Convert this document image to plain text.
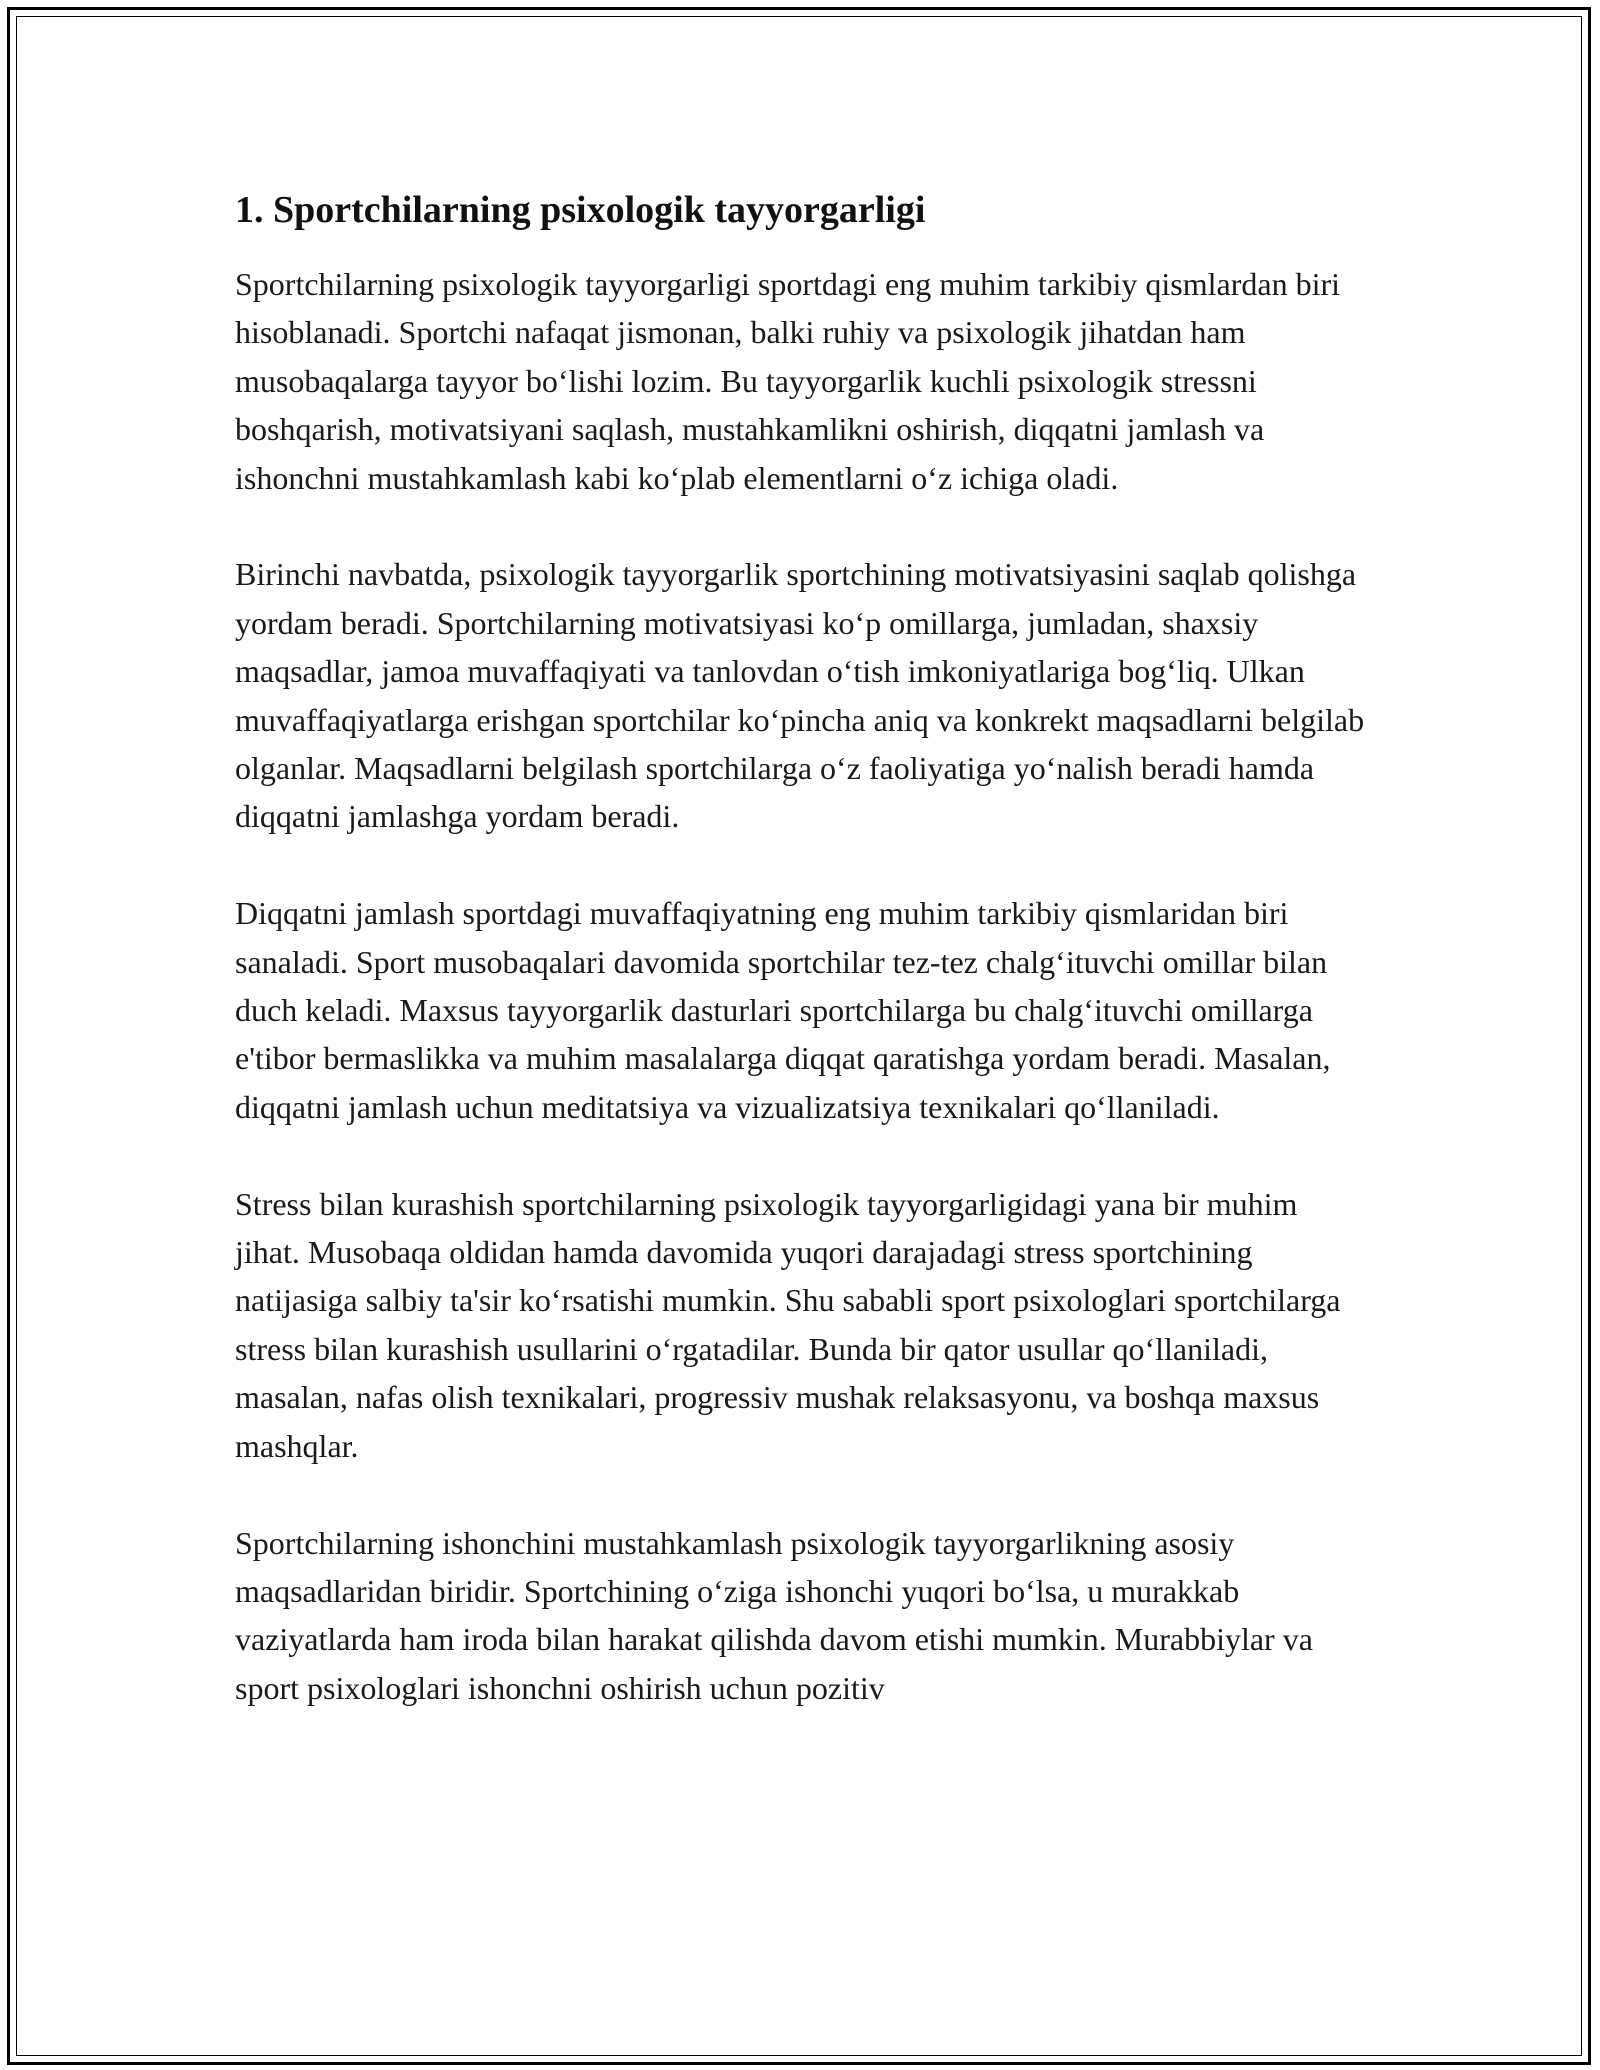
1. Sportchilarning psixologik tayyorgarligi

Sportchilarning psixologik tayyorgarligi sportdagi eng muhim tarkibiy qismlardan biri hisoblanadi. Sportchi nafaqat jismonan, balki ruhiy va psixologik jihatdan ham musobaqalarga tayyor bo‘lishi lozim. Bu tayyorgarlik kuchli psixologik stressni boshqarish, motivatsiyani saqlash, mustahkamlikni oshirish, diqqatni jamlash va ishonchni mustahkamlash kabi ko‘plab elementlarni o‘z ichiga oladi.

Birinchi navbatda, psixologik tayyorgarlik sportchining motivatsiyasini saqlab qolishga yordam beradi. Sportchilarning motivatsiyasi ko‘p omillarga, jumladan, shaxsiy maqsadlar, jamoa muvaffaqiyati va tanlovdan o‘tish imkoniyatlariga bog‘liq. Ulkan muvaffaqiyatlarga erishgan sportchilar ko‘pincha aniq va konkrekt maqsadlarni belgilab olganlar. Maqsadlarni belgilash sportchilarga o‘z faoliyatiga yo‘nalish beradi hamda diqqatni jamlashga yordam beradi.

Diqqatni jamlash sportdagi muvaffaqiyatning eng muhim tarkibiy qismlaridan biri sanaladi. Sport musobaqalari davomida sportchilar tez-tez chalg‘ituvchi omillar bilan duch keladi. Maxsus tayyorgarlik dasturlari sportchilarga bu chalg‘ituvchi omillarga e'tibor bermaslikka va muhim masalalarga diqqat qaratishga yordam beradi. Masalan, diqqatni jamlash uchun meditatsiya va vizualizatsiya texnikalari qo‘llaniladi.

Stress bilan kurashish sportchilarning psixologik tayyorgarligidagi yana bir muhim jihat. Musobaqa oldidan hamda davomida yuqori darajadagi stress sportchining natijasiga salbiy ta'sir ko‘rsatishi mumkin. Shu sababli sport psixologlari sportchilarga stress bilan kurashish usullarini o‘rgatadilar. Bunda bir qator usullar qo‘llaniladi, masalan, nafas olish texnikalari, progressiv mushak relaksasyonu, va boshqa maxsus mashqlar.

Sportchilarning ishonchini mustahkamlash psixologik tayyorgarlikning asosiy maqsadlaridan biridir. Sportchining o‘ziga ishonchi yuqori bo‘lsa, u murakkab vaziyatlarda ham iroda bilan harakat qilishda davom etishi mumkin. Murabbiylar va sport psixologlari ishonchni oshirish uchun pozitiv
